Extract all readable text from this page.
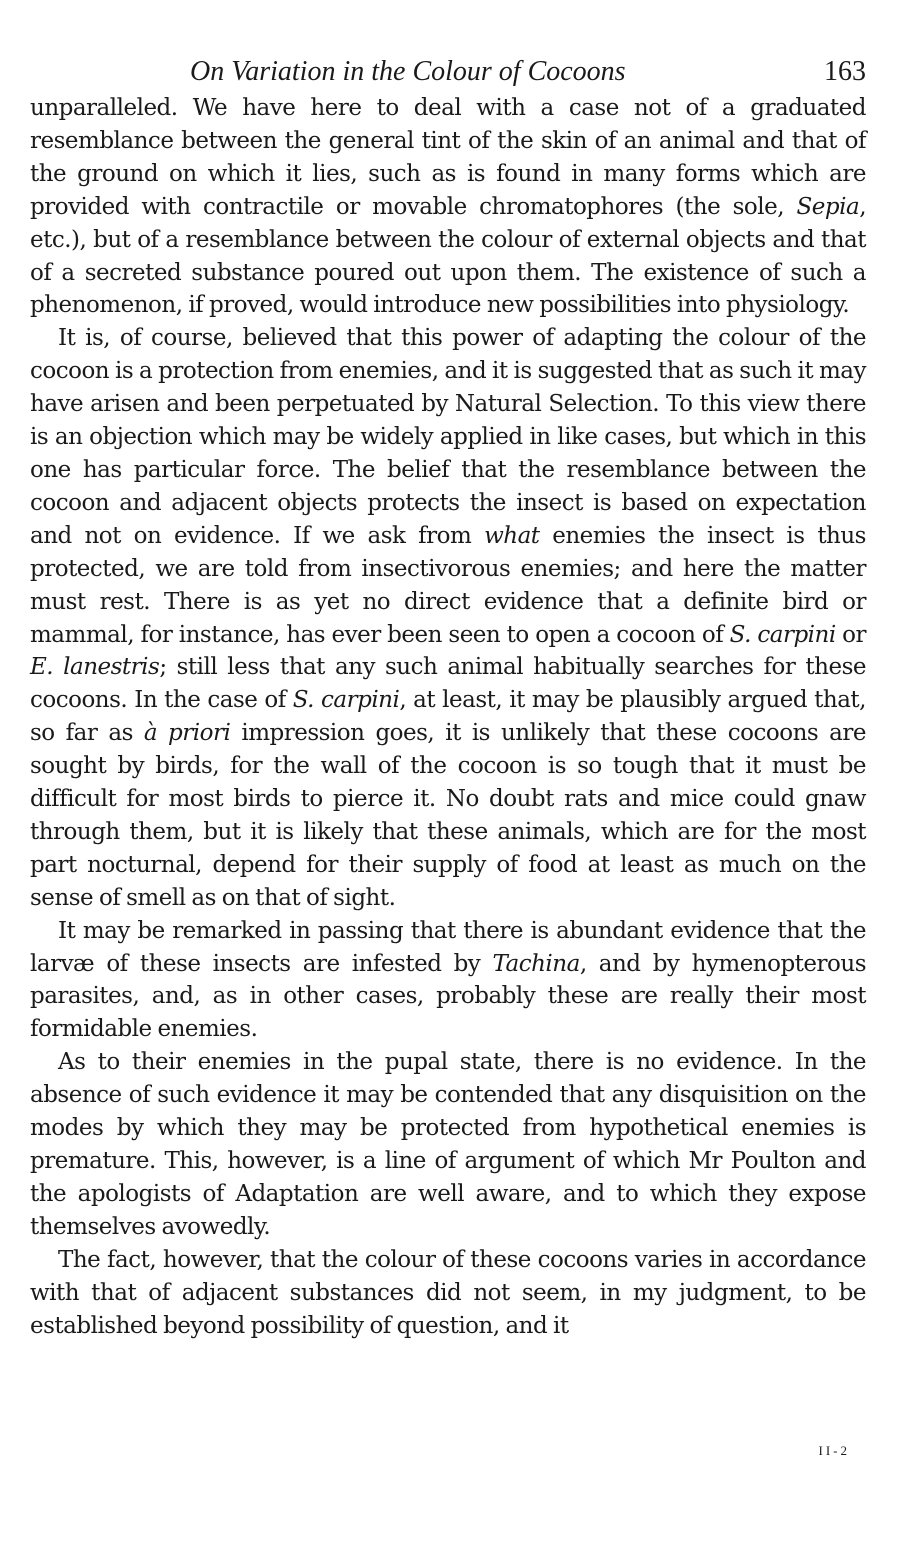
On Variation in the Colour of Cocoons	163

unparalleled. We have here to deal with a case not of a graduated resemblance between the general tint of the skin of an animal and that of the ground on which it lies, such as is found in many forms which are provided with contractile or movable chromatophores (the sole, Sepia, etc.), but of a resemblance between the colour of external objects and that of a secreted substance poured out upon them. The existence of such a phenomenon, if proved, would introduce new possibilities into physiology.

It is, of course, believed that this power of adapting the colour of the cocoon is a protection from enemies, and it is suggested that as such it may have arisen and been perpetuated by Natural Selection. To this view there is an objection which may be widely applied in like cases, but which in this one has particular force. The belief that the resemblance between the cocoon and adjacent objects protects the insect is based on expectation and not on evidence. If we ask from what enemies the insect is thus protected, we are told from insectivorous enemies; and here the matter must rest. There is as yet no direct evidence that a definite bird or mammal, for instance, has ever been seen to open a cocoon of S. carpini or E. lanestris; still less that any such animal habitually searches for these cocoons. In the case of S. carpini, at least, it may be plausibly argued that, so far as à priori impression goes, it is unlikely that these cocoons are sought by birds, for the wall of the cocoon is so tough that it must be difficult for most birds to pierce it. No doubt rats and mice could gnaw through them, but it is likely that these animals, which are for the most part nocturnal, depend for their supply of food at least as much on the sense of smell as on that of sight.

It may be remarked in passing that there is abundant evidence that the larvæ of these insects are infested by Tachina, and by hymenopterous parasites, and, as in other cases, probably these are really their most formidable enemies.

As to their enemies in the pupal state, there is no evidence. In the absence of such evidence it may be contended that any disquisition on the modes by which they may be protected from hypothetical enemies is premature. This, however, is a line of argument of which Mr Poulton and the apologists of Adaptation are well aware, and to which they expose themselves avowedly.

The fact, however, that the colour of these cocoons varies in accordance with that of adjacent substances did not seem, in my judgment, to be established beyond possibility of question, and it

II-2
